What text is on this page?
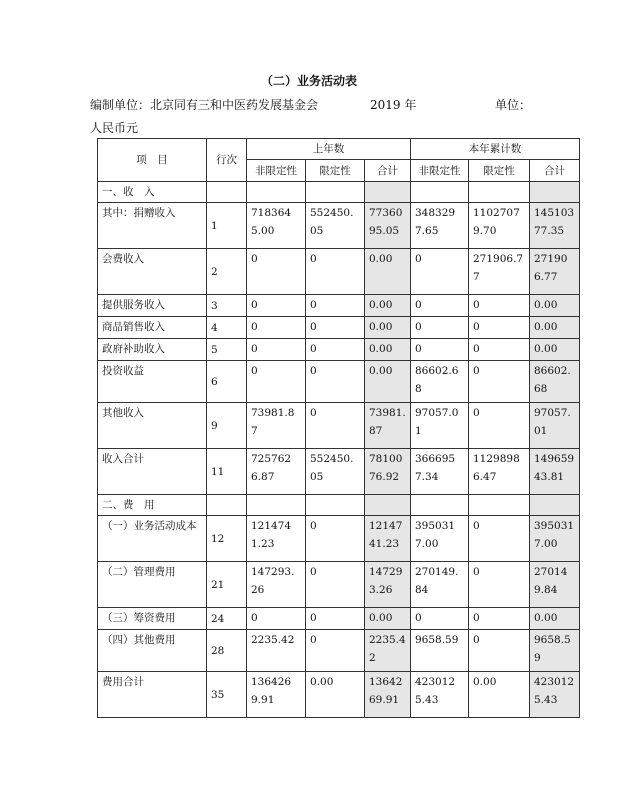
（二）业务活动表
编制单位：北京同有三和中医药发展基金会	2019 年	单位：
人民币元
项　目	行次	上年数			本年累计数		
		非限定性	限定性	合计	非限定性	限定性	合计
一、收　入							
其中：捐赠收入	1	7183645.00	552450.05	7736095.05	3483297.65	11027079.70	14510377.35
会费收入	2	0	0	0.00	0	271906.77	271906.77
提供服务收入	3	0	0	0.00	0	0	0.00
商品销售收入	4	0	0	0.00	0	0	0.00
政府补助收入	5	0	0	0.00	0	0	0.00
投资收益	6	0	0	0.00	86602.68	0	86602.68
其他收入	9	73981.87	0	73981.87	97057.01	0	97057.01
收入合计	11	7257626.87	552450.05	7810076.92	3666957.34	11298986.47	14965943.81
二、费　用							
（一）业务活动成本	12	1214741.23	0	1214741.23	3950317.00	0	3950317.00
（二）管理费用	21	147293.26	0	147293.26	270149.84	0	270149.84
（三）筹资费用	24	0	0	0.00	0	0	0.00
（四）其他费用	28	2235.42	0	2235.42	9658.59	0	9658.59
费用合计	35	1364269.91	0.00	1364269.91	4230125.43	0.00	4230125.43
